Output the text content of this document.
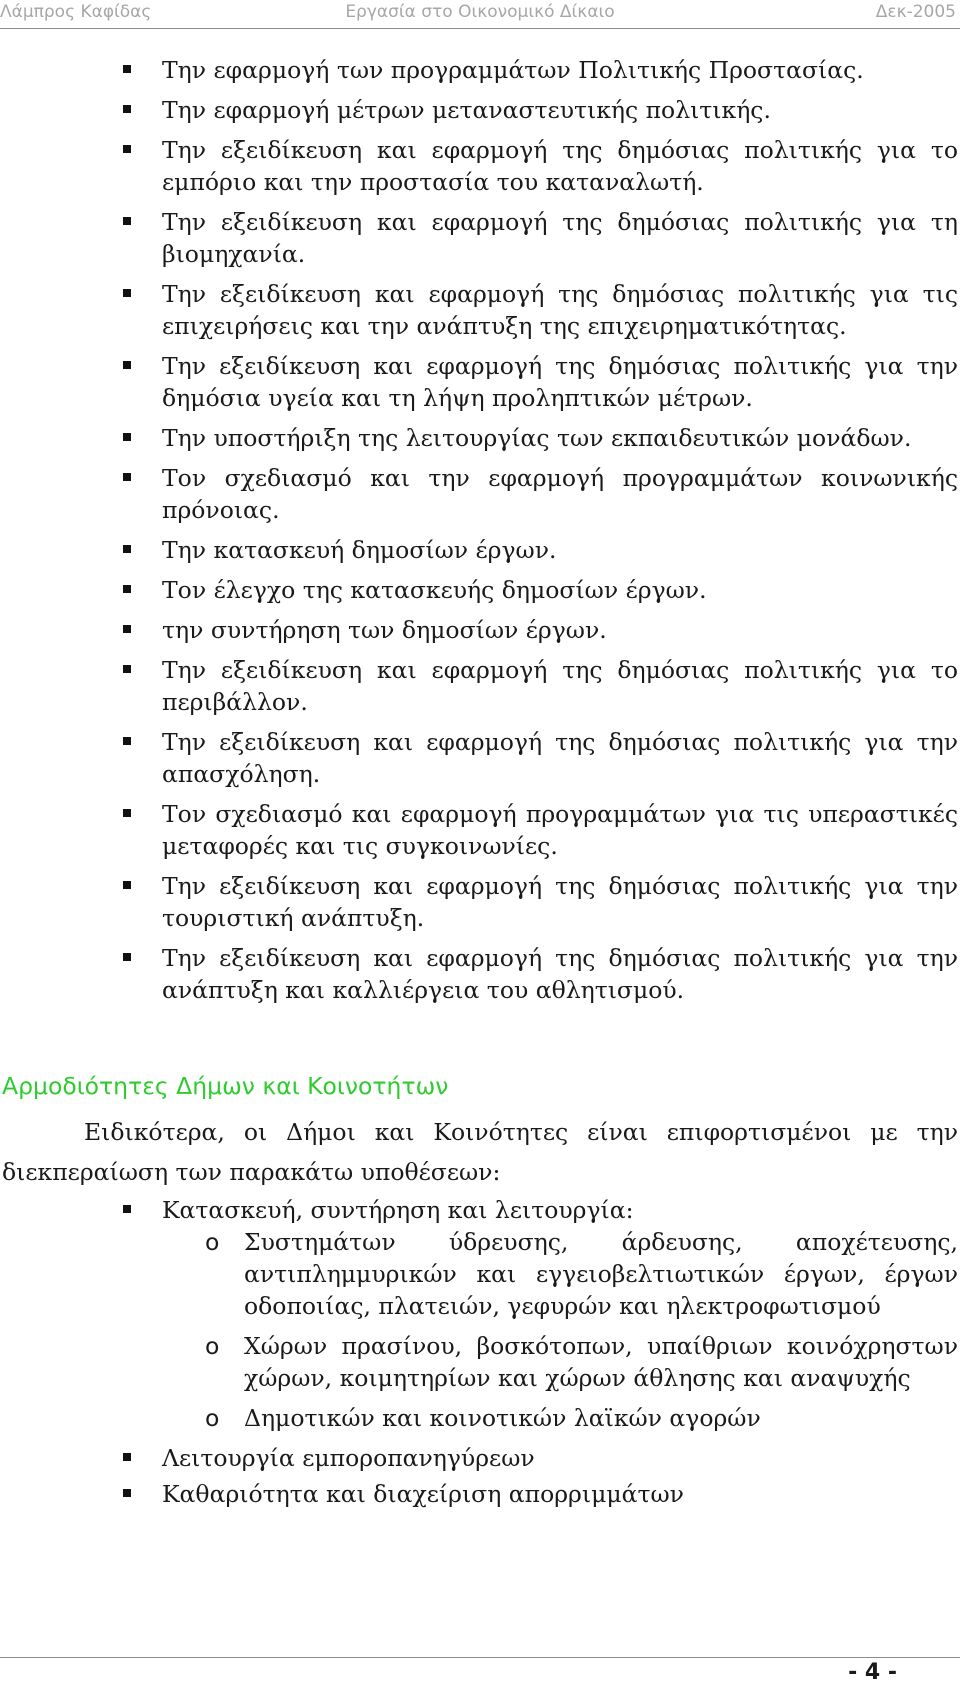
Λάμπρος Καφίδας	Εργασία στο Οικονομικό Δίκαιο	Δεκ-2005
Την εφαρμογή των προγραμμάτων Πολιτικής Προστασίας.
Την εφαρμογή μέτρων μεταναστευτικής πολιτικής.
Την εξειδίκευση και εφαρμογή της δημόσιας πολιτικής για το εμπόριο και την προστασία του καταναλωτή.
Την εξειδίκευση και εφαρμογή της δημόσιας πολιτικής για τη βιομηχανία.
Την εξειδίκευση και εφαρμογή της δημόσιας πολιτικής για τις επιχειρήσεις και την ανάπτυξη της επιχειρηματικότητας.
Την εξειδίκευση και εφαρμογή της δημόσιας πολιτικής για την δημόσια υγεία και τη λήψη προληπτικών μέτρων.
Την υποστήριξη της λειτουργίας των εκπαιδευτικών μονάδων.
Τον σχεδιασμό και την εφαρμογή προγραμμάτων κοινωνικής πρόνοιας.
Την κατασκευή δημοσίων έργων.
Τον έλεγχο της κατασκευής δημοσίων έργων.
την συντήρηση των δημοσίων έργων.
Την εξειδίκευση και εφαρμογή της δημόσιας πολιτικής για το περιβάλλον.
Την εξειδίκευση και εφαρμογή της δημόσιας πολιτικής για την απασχόληση.
Τον σχεδιασμό και εφαρμογή προγραμμάτων για τις υπεραστικές μεταφορές και τις συγκοινωνίες.
Την εξειδίκευση και εφαρμογή της δημόσιας πολιτικής για την τουριστική ανάπτυξη.
Την εξειδίκευση και εφαρμογή της δημόσιας πολιτικής για την ανάπτυξη και καλλιέργεια του αθλητισμού.
Αρμοδιότητες Δήμων και Κοινοτήτων

Ειδικότερα, οι Δήμοι και Κοινότητες είναι επιφορτισμένοι με την διεκπεραίωση των παρακάτω υποθέσεων:

Κατασκευή, συντήρηση και λειτουργία:
o Συστημάτων ύδρευσης, άρδευσης, αποχέτευσης, αντιπλημμυρικών και εγγειοβελτιωτικών έργων, έργων οδοποιίας, πλατειών, γεφυρών και ηλεκτροφωτισμού
o Χώρων πρασίνου, βοσκότοπων, υπαίθριων κοινόχρηστων χώρων, κοιμητηρίων και χώρων άθλησης και αναψυχής
o Δημοτικών και κοινοτικών λαϊκών αγορών
Λειτουργία εμποροπανηγύρεων
Καθαριότητα και διαχείριση απορριμμάτων
- 4 -
